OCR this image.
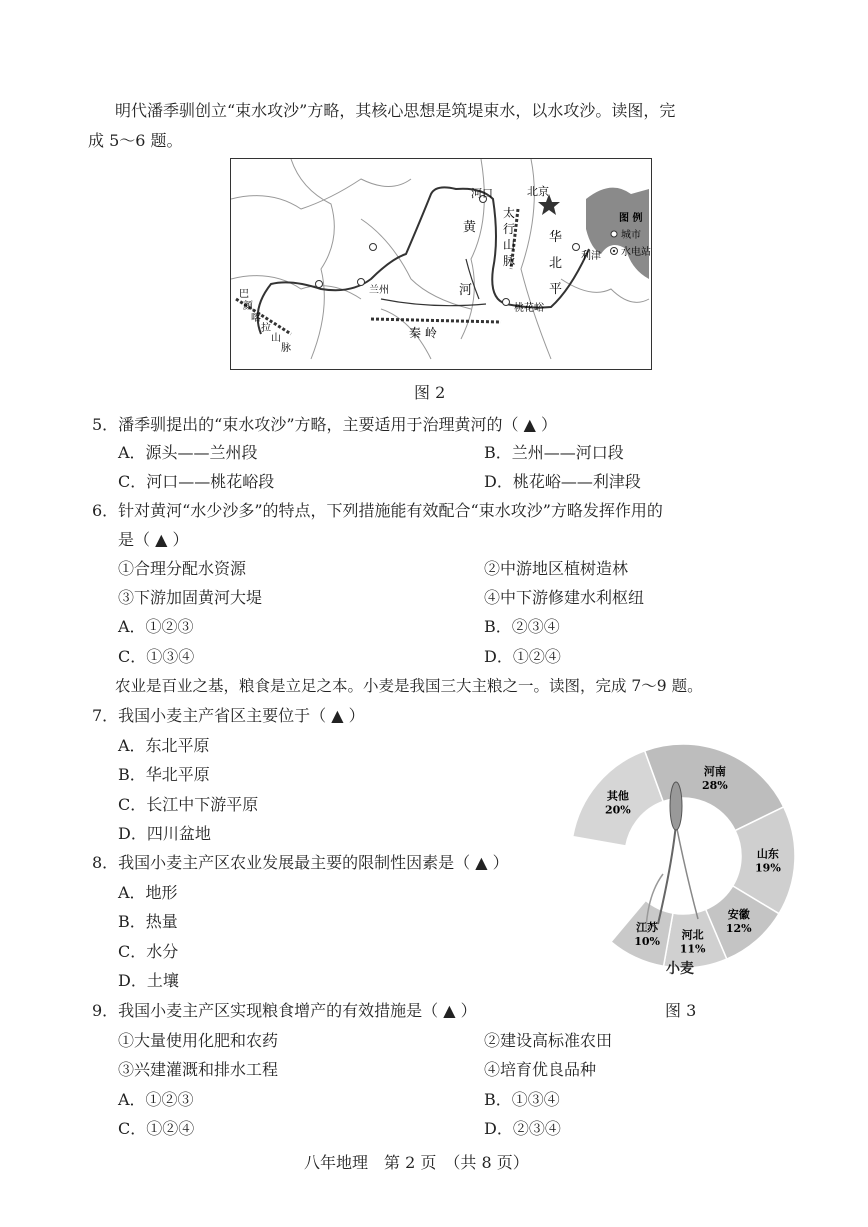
明代潘季驯创立“束水攻沙”方略，其核心思想是筑堤束水，以水攻沙。读图，完
成 5～6 题。
河口	北京
太
行
山
脉
黄
河
华
北
平
利津
兰州
桃花峪
秦 岭
巴
颜
喀
拉
山
脉
图 例
城市
水电站
图 2
5．潘季驯提出的“束水攻沙”方略，主要适用于治理黄河的（ ▲ ）
A．源头——兰州段	B．兰州——河口段
C．河口——桃花峪段	D．桃花峪——利津段
6．针对黄河“水少沙多”的特点，下列措施能有效配合“束水攻沙”方略发挥作用的
是（ ▲ ）
①合理分配水资源	②中游地区植树造林
③下游加固黄河大堤	④中下游修建水利枢纽
A．①②③	B．②③④
C．①③④	D．①②④
农业是百业之基，粮食是立足之本。小麦是我国三大主粮之一。读图，完成 7～9 题。
7．我国小麦主产省区主要位于（ ▲ ）
A．东北平原
B．华北平原
C．长江中下游平原
D．四川盆地
8．我国小麦主产区农业发展最主要的限制性因素是（ ▲ ）
A．地形
B．热量
C．水分
D．土壤
其他
20%
河南
28%
山东
19%
安徽
12%
河北
11%
江苏
10%
小麦
图 3
9．我国小麦主产区实现粮食增产的有效措施是（ ▲ ）
①大量使用化肥和农药	②建设高标准农田
③兴建灌溉和排水工程	④培育优良品种
A．①②③	B．①③④
C．①②④	D．②③④
八年地理　第 2 页　（共 8 页）
